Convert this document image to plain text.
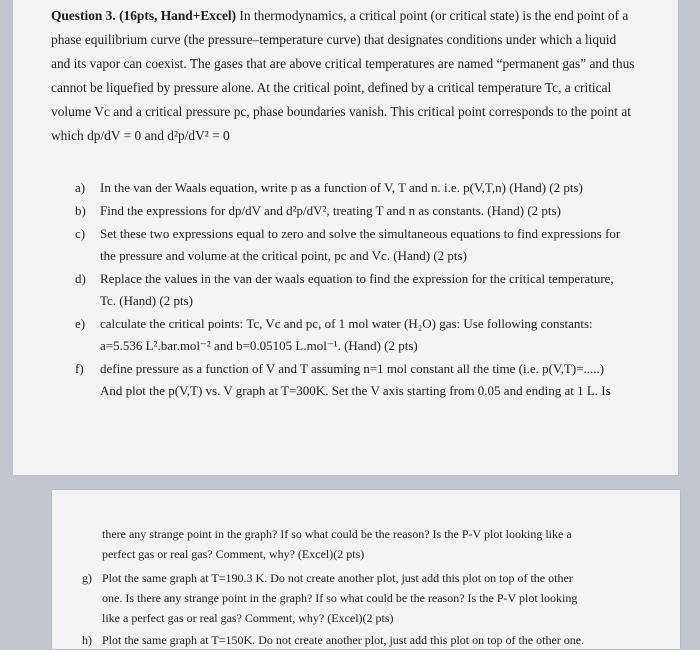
Question 3. (16pts, Hand+Excel) In thermodynamics, a critical point (or critical state) is the end point of a
phase equilibrium curve (the pressure–temperature curve) that designates conditions under which a liquid
and its vapor can coexist. The gases that are above critical temperatures are named “permanent gas” and thus
cannot be liquefied by pressure alone. At the critical point, defined by a critical temperature Tc, a critical
volume Vc and a critical pressure pc, phase boundaries vanish. This critical point corresponds to the point at
which dp/dV = 0 and d²p/dV² = 0
a) In the van der Waals equation, write p as a function of V, T and n. i.e. p(V,T,n) (Hand) (2 pts)
b) Find the expressions for dp/dV and d²p/dV², treating T and n as constants. (Hand) (2 pts)
c) Set these two expressions equal to zero and solve the simultaneous equations to find expressions for
the pressure and volume at the critical point, pc and Vc. (Hand) (2 pts)
d) Replace the values in the van der waals equation to find the expression for the critical temperature,
Tc. (Hand) (2 pts)
e) calculate the critical points: Tc, Vc and pc, of 1 mol water (H₂O) gas: Use following constants:
a=5.536 L².bar.mol⁻² and b=0.05105 L.mol⁻¹. (Hand) (2 pts)
f) define pressure as a function of V and T assuming n=1 mol constant all the time (i.e. p(V,T)=.....)
And plot the p(V,T) vs. V graph at T=300K. Set the V axis starting from 0.05 and ending at 1 L. Is
there any strange point in the graph? If so what could be the reason? Is the P-V plot looking like a
perfect gas or real gas? Comment, why? (Excel)(2 pts)
g) Plot the same graph at T=190.3 K. Do not create another plot, just add this plot on top of the other
one. Is there any strange point in the graph? If so what could be the reason? Is the P-V plot looking
like a perfect gas or real gas? Comment, why? (Excel)(2 pts)
h) Plot the same graph at T=150K. Do not create another plot, just add this plot on top of the other one.
